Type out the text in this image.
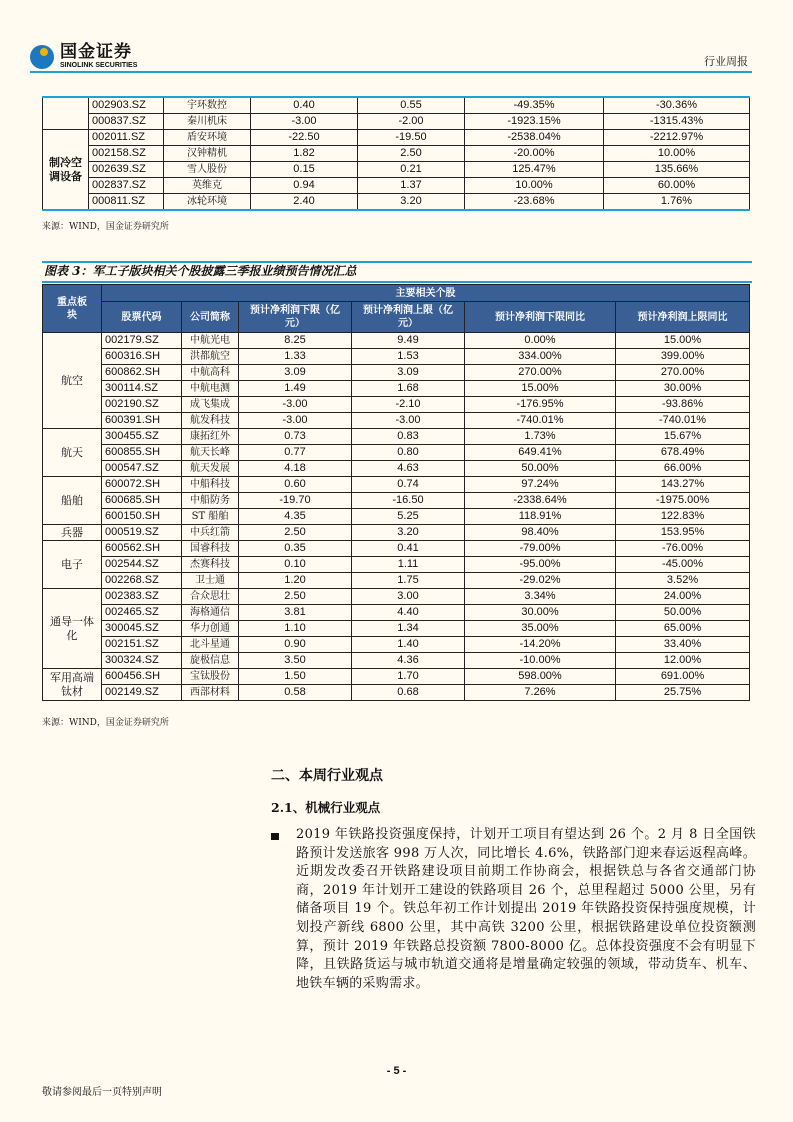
国金证券
SINOLINK SECURITIES	行业周报
	002903.SZ	宇环数控	0.40	0.55	-49.35%	-30.36%
	000837.SZ	秦川机床	-3.00	-2.00	-1923.15%	-1315.43%
制冷空调设备	002011.SZ	盾安环境	-22.50	-19.50	-2538.04%	-2212.97%
	002158.SZ	汉钟精机	1.82	2.50	-20.00%	10.00%
	002639.SZ	雪人股份	0.15	0.21	125.47%	135.66%
	002837.SZ	英维克	0.94	1.37	10.00%	60.00%
	000811.SZ	冰轮环境	2.40	3.20	-23.68%	1.76%
来源：WIND，国金证券研究所
图表 3：军工子版块相关个股披露三季报业绩预告情况汇总
重点板块	主要相关个股					
	股票代码	公司简称	预计净利润下限（亿元）	预计净利润上限（亿元）	预计净利润下限同比	预计净利润上限同比
航空	002179.SZ	中航光电	8.25	9.49	0.00%	15.00%
	600316.SH	洪都航空	1.33	1.53	334.00%	399.00%
	600862.SH	中航高科	3.09	3.09	270.00%	270.00%
	300114.SZ	中航电测	1.49	1.68	15.00%	30.00%
	002190.SZ	成飞集成	-3.00	-2.10	-176.95%	-93.86%
	600391.SH	航发科技	-3.00	-3.00	-740.01%	-740.01%
航天	300455.SZ	康拓红外	0.73	0.83	1.73%	15.67%
	600855.SH	航天长峰	0.77	0.80	649.41%	678.49%
	000547.SZ	航天发展	4.18	4.63	50.00%	66.00%
船舶	600072.SH	中船科技	0.60	0.74	97.24%	143.27%
	600685.SH	中船防务	-19.70	-16.50	-2338.64%	-1975.00%
	600150.SH	ST 船舶	4.35	5.25	118.91%	122.83%
兵器	000519.SZ	中兵红箭	2.50	3.20	98.40%	153.95%
电子	600562.SH	国睿科技	0.35	0.41	-79.00%	-76.00%
	002544.SZ	杰赛科技	0.10	1.11	-95.00%	-45.00%
	002268.SZ	卫士通	1.20	1.75	-29.02%	3.52%
通导一体化	002383.SZ	合众思壮	2.50	3.00	3.34%	24.00%
	002465.SZ	海格通信	3.81	4.40	30.00%	50.00%
	300045.SZ	华力创通	1.10	1.34	35.00%	65.00%
	002151.SZ	北斗星通	0.90	1.40	-14.20%	33.40%
	300324.SZ	旋极信息	3.50	4.36	-10.00%	12.00%
军用高端钛材	600456.SH	宝钛股份	1.50	1.70	598.00%	691.00%
	002149.SZ	西部材料	0.58	0.68	7.26%	25.75%
来源：WIND，国金证券研究所
二、本周行业观点
2.1、机械行业观点
2019 年铁路投资强度保持，计划开工项目有望达到 26 个。2 月 8 日全国铁路预计发送旅客 998 万人次，同比增长 4.6%，铁路部门迎来春运返程高峰。近期发改委召开铁路建设项目前期工作协商会，根据铁总与各省交通部门协商，2019 年计划开工建设的铁路项目 26 个，总里程超过 5000 公里，另有储备项目 19 个。铁总年初工作计划提出 2019 年铁路投资保持强度规模，计划投产新线 6800 公里，其中高铁 3200 公里，根据铁路建设单位投资额测算，预计 2019 年铁路总投资额 7800-8000 亿。总体投资强度不会有明显下降，且铁路货运与城市轨道交通将是增量确定较强的领域，带动货车、机车、地铁车辆的采购需求。
- 5 -
敬请参阅最后一页特别声明
